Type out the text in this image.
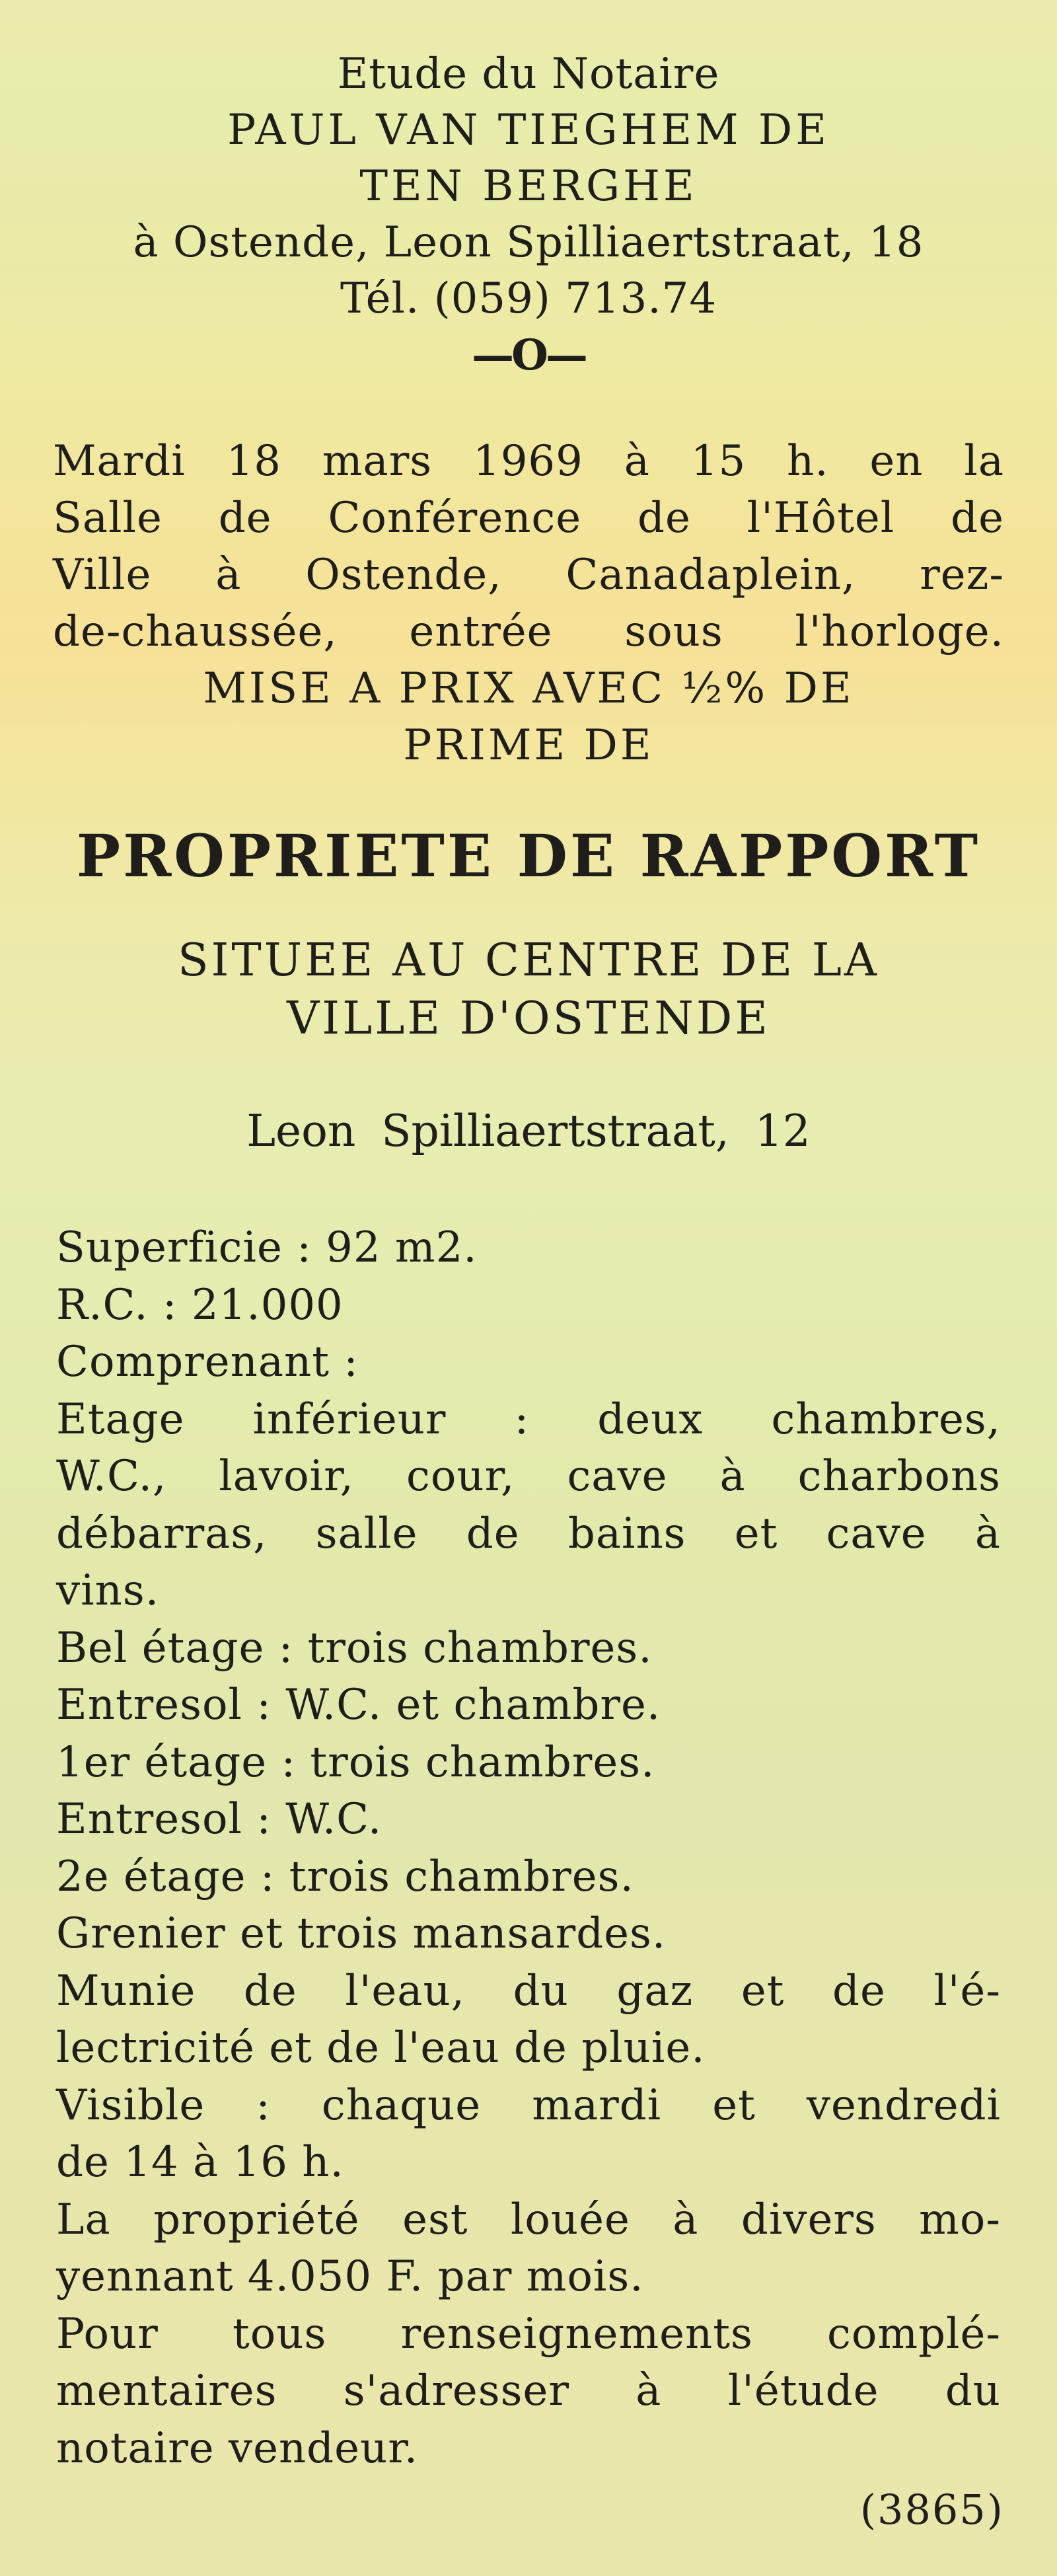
Etude du Notaire
PAUL VAN TIEGHEM DE
TEN BERGHE
à Ostende, Leon Spilliaertstraat, 18
Tél. (059) 713.74
—O—
Mardi 18 mars 1969 à 15 h. en la
Salle de Conférence de l'Hôtel de
Ville à Ostende, Canadaplein, rez-
de-chaussée, entrée sous l'horloge.
MISE A PRIX AVEC ½% DE
PRIME DE
PROPRIETE DE RAPPORT
SITUEE AU CENTRE DE LA
VILLE D'OSTENDE
Leon Spilliaertstraat, 12
Superficie : 92 m2.
R.C. : 21.000
Comprenant :
Etage inférieur : deux chambres,
W.C., lavoir, cour, cave à charbons
débarras, salle de bains et cave à
vins.
Bel étage : trois chambres.
Entresol : W.C. et chambre.
1er étage : trois chambres.
Entresol : W.C.
2e étage : trois chambres.
Grenier et trois mansardes.
Munie de l'eau, du gaz et de l'é-
lectricité et de l'eau de pluie.
Visible : chaque mardi et vendredi
de 14 à 16 h.
La propriété est louée à divers mo-
yennant 4.050 F. par mois.
Pour tous renseignements complé-
mentaires s'adresser à l'étude du
notaire vendeur.
(3865)
